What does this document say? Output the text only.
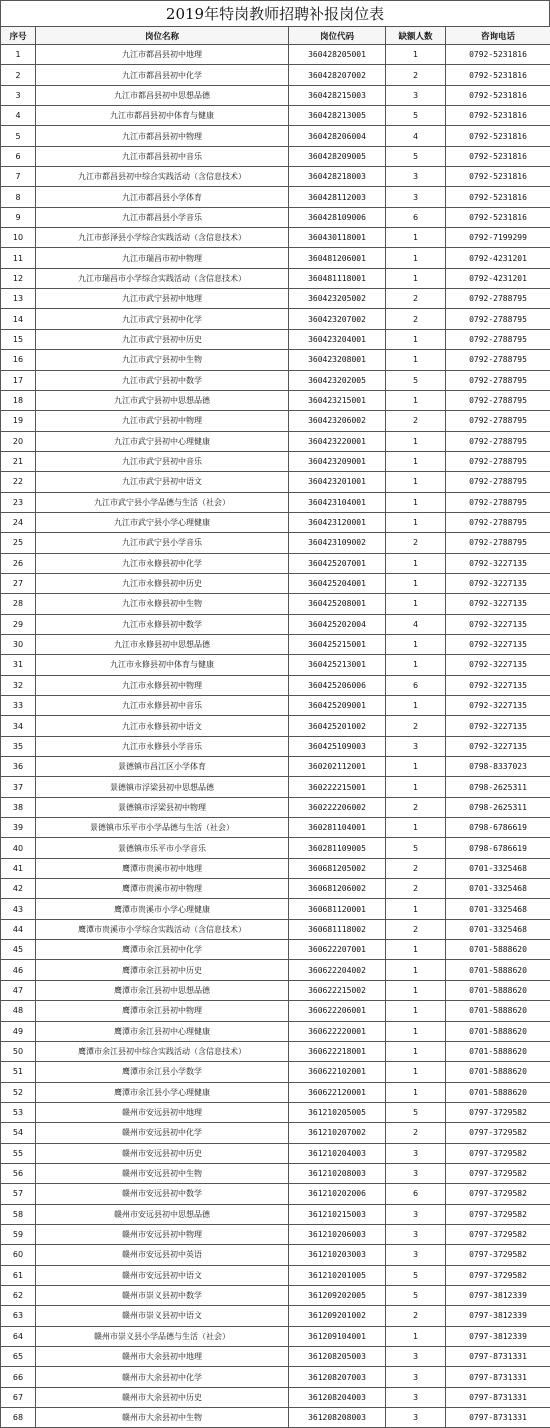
2019年特岗教师招聘补报岗位表
序号	岗位名称	岗位代码	缺额人数	咨询电话
1	九江市都昌县初中地理	360428205001	1	0792-5231816
2	九江市都昌县初中化学	360428207002	2	0792-5231816
3	九江市都昌县初中思想品德	360428215003	3	0792-5231816
4	九江市都昌县初中体育与健康	360428213005	5	0792-5231816
5	九江市都昌县初中物理	360428206004	4	0792-5231816
6	九江市都昌县初中音乐	360428209005	5	0792-5231816
7	九江市都昌县初中综合实践活动（含信息技术）	360428218003	3	0792-5231816
8	九江市都昌县小学体育	360428112003	3	0792-5231816
9	九江市都昌县小学音乐	360428109006	6	0792-5231816
10	九江市彭泽县小学综合实践活动（含信息技术）	360430118001	1	0792-7199299
11	九江市瑞昌市初中物理	360481206001	1	0792-4231201
12	九江市瑞昌市小学综合实践活动（含信息技术）	360481118001	1	0792-4231201
13	九江市武宁县初中地理	360423205002	2	0792-2788795
14	九江市武宁县初中化学	360423207002	2	0792-2788795
15	九江市武宁县初中历史	360423204001	1	0792-2788795
16	九江市武宁县初中生物	360423208001	1	0792-2788795
17	九江市武宁县初中数学	360423202005	5	0792-2788795
18	九江市武宁县初中思想品德	360423215001	1	0792-2788795
19	九江市武宁县初中物理	360423206002	2	0792-2788795
20	九江市武宁县初中心理健康	360423220001	1	0792-2788795
21	九江市武宁县初中音乐	360423209001	1	0792-2788795
22	九江市武宁县初中语文	360423201001	1	0792-2788795
23	九江市武宁县小学品德与生活（社会）	360423104001	1	0792-2788795
24	九江市武宁县小学心理健康	360423120001	1	0792-2788795
25	九江市武宁县小学音乐	360423109002	2	0792-2788795
26	九江市永修县初中化学	360425207001	1	0792-3227135
27	九江市永修县初中历史	360425204001	1	0792-3227135
28	九江市永修县初中生物	360425208001	1	0792-3227135
29	九江市永修县初中数学	360425202004	4	0792-3227135
30	九江市永修县初中思想品德	360425215001	1	0792-3227135
31	九江市永修县初中体育与健康	360425213001	1	0792-3227135
32	九江市永修县初中物理	360425206006	6	0792-3227135
33	九江市永修县初中音乐	360425209001	1	0792-3227135
34	九江市永修县初中语文	360425201002	2	0792-3227135
35	九江市永修县小学音乐	360425109003	3	0792-3227135
36	景德镇市昌江区小学体育	360202112001	1	0798-8337023
37	景德镇市浮梁县初中思想品德	360222215001	1	0798-2625311
38	景德镇市浮梁县初中物理	360222206002	2	0798-2625311
39	景德镇市乐平市小学品德与生活（社会）	360281104001	1	0798-6786619
40	景德镇市乐平市小学音乐	360281109005	5	0798-6786619
41	鹰潭市贵溪市初中地理	360681205002	2	0701-3325468
42	鹰潭市贵溪市初中物理	360681206002	2	0701-3325468
43	鹰潭市贵溪市小学心理健康	360681120001	1	0701-3325468
44	鹰潭市贵溪市小学综合实践活动（含信息技术）	360681118002	2	0701-3325468
45	鹰潭市余江县初中化学	360622207001	1	0701-5888620
46	鹰潭市余江县初中历史	360622204002	1	0701-5888620
47	鹰潭市余江县初中思想品德	360622215002	1	0701-5888620
48	鹰潭市余江县初中物理	360622206001	1	0701-5888620
49	鹰潭市余江县初中心理健康	360622220001	1	0701-5888620
50	鹰潭市余江县初中综合实践活动（含信息技术）	360622218001	1	0701-5888620
51	鹰潭市余江县小学数学	360622102001	1	0701-5888620
52	鹰潭市余江县小学心理健康	360622120001	1	0701-5888620
53	赣州市安远县初中地理	361210205005	5	0797-3729582
54	赣州市安远县初中化学	361210207002	2	0797-3729582
55	赣州市安远县初中历史	361210204003	3	0797-3729582
56	赣州市安远县初中生物	361210208003	3	0797-3729582
57	赣州市安远县初中数学	361210202006	6	0797-3729582
58	赣州市安远县初中思想品德	361210215003	3	0797-3729582
59	赣州市安远县初中物理	361210206003	3	0797-3729582
60	赣州市安远县初中英语	361210203003	3	0797-3729582
61	赣州市安远县初中语文	361210201005	5	0797-3729582
62	赣州市崇义县初中数学	361209202005	5	0797-3812339
63	赣州市崇义县初中语文	361209201002	2	0797-3812339
64	赣州市崇义县小学品德与生活（社会）	361209104001	1	0797-3812339
65	赣州市大余县初中地理	361208205003	3	0797-8731331
66	赣州市大余县初中化学	361208207003	3	0797-8731331
67	赣州市大余县初中历史	361208204003	3	0797-8731331
68	赣州市大余县初中生物	361208208003	3	0797-8731331
